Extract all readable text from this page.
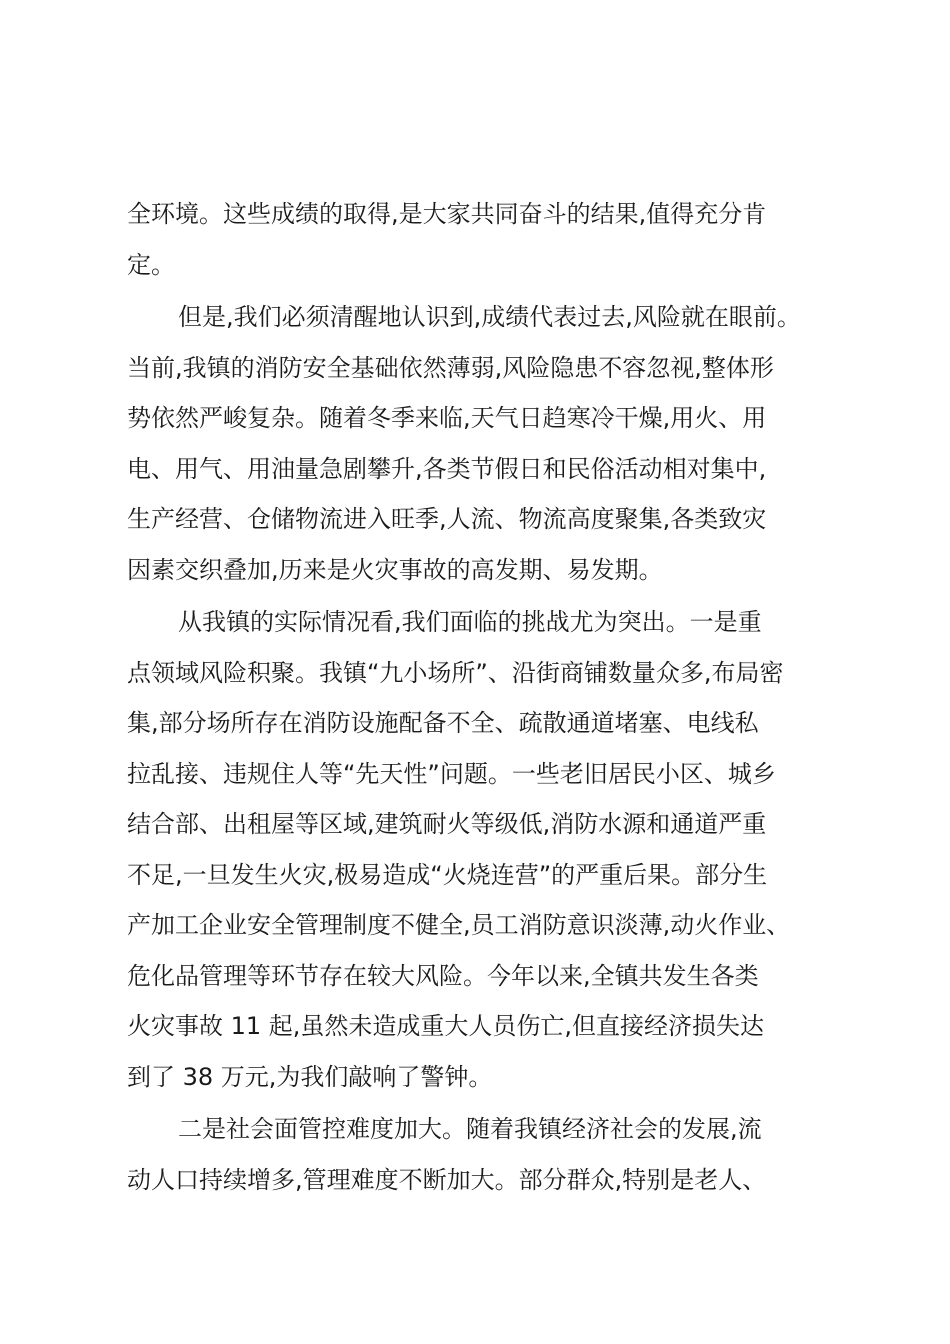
全环境。这些成绩的取得,是大家共同奋斗的结果,值得充分肯
定。
但是,我们必须清醒地认识到,成绩代表过去,风险就在眼前。
当前,我镇的消防安全基础依然薄弱,风险隐患不容忽视,整体形
势依然严峻复杂。随着冬季来临,天气日趋寒冷干燥,用火、用
电、用气、用油量急剧攀升,各类节假日和民俗活动相对集中,
生产经营、仓储物流进入旺季,人流、物流高度聚集,各类致灾
因素交织叠加,历来是火灾事故的高发期、易发期。
从我镇的实际情况看,我们面临的挑战尤为突出。一是重
点领域风险积聚。我镇“九小场所”、沿街商铺数量众多,布局密
集,部分场所存在消防设施配备不全、疏散通道堵塞、电线私
拉乱接、违规住人等“先天性”问题。一些老旧居民小区、城乡
结合部、出租屋等区域,建筑耐火等级低,消防水源和通道严重
不足,一旦发生火灾,极易造成“火烧连营”的严重后果。部分生
产加工企业安全管理制度不健全,员工消防意识淡薄,动火作业、
危化品管理等环节存在较大风险。今年以来,全镇共发生各类
火灾事故 11 起,虽然未造成重大人员伤亡,但直接经济损失达
到了 38 万元,为我们敲响了警钟。
二是社会面管控难度加大。随着我镇经济社会的发展,流
动人口持续增多,管理难度不断加大。部分群众,特别是老人、
